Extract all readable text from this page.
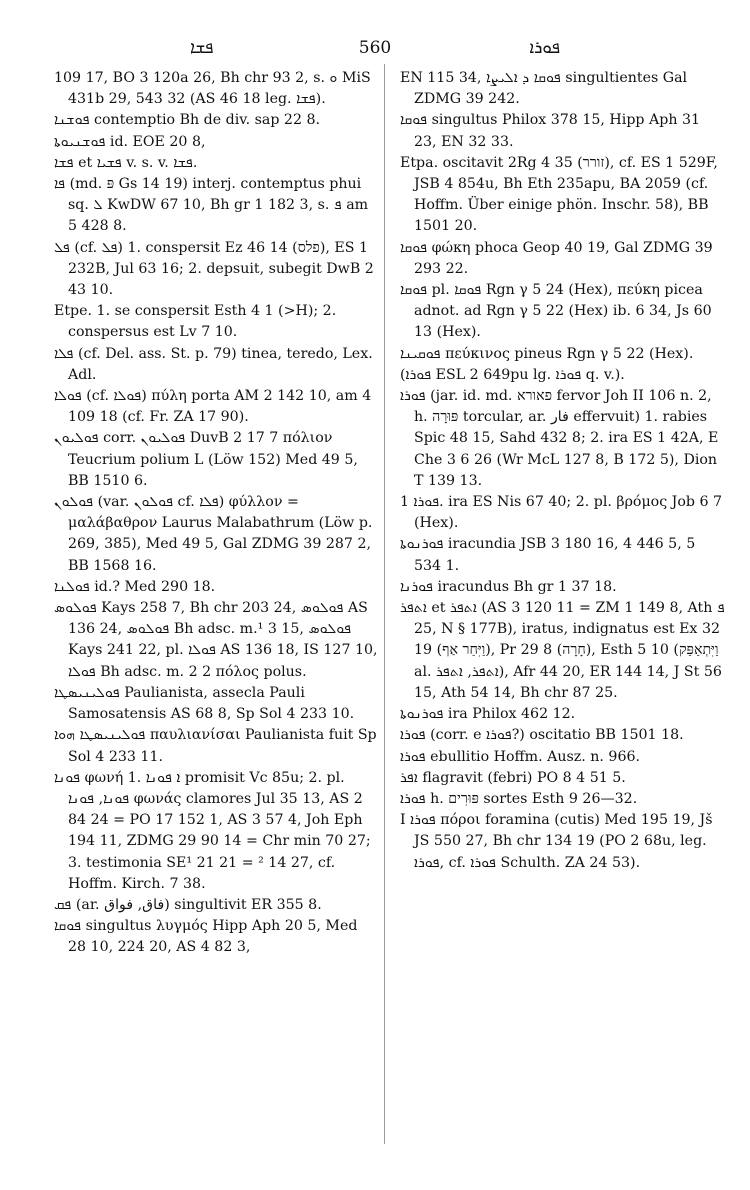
ܦܫܐ	560	ܦܘܪܐ

109 17, BO 3 120a 26, Bh chr 93 2, s. ܘ MiS 431b 29, 543 32 (AS 46 18 leg. ܦܫܐ).

ܦܘܫܢܐ contemptio Bh de div. sap 22 8.

ܦܘܫܢܝܘܬܐ id. EOE 20 8,

ܦܫܐ et ܦܫܝܐ v. s. v. ܦܫܐ.

ܦܐ (md. פּ Gs 14 19) interj. contemptus phui sq. ܠ KwDW 67 10, Bh gr 1 182 3, s. ܦ am 5 428 8.

ܦܠ (cf. ܦܠ) 1. conspersit Ez 46 14 (פלס), ES 1 232B, Jul 63 16; 2. depsuit, subegit DwB 2 43 10.

Etpe. 1. se conspersit Esth 4 1 (>H); 2. conspersus est Lv 7 10.

ܦܠܐ (cf. Del. ass. St. p. 79) tinea, teredo, Lex. Adl.

ܦܘܠܐ (cf. ܦܘܠܐ) πύλη porta AM 2 142 10, am 4 109 18 (cf. Fr. ZA 17 90).

ܦܘܠܝܘܢ corr. ܦܘܠܝܘܢ DuvB 2 17 7 πόλιον Teucrium polium L (Löw 152) Med 49 5, BB 1510 6.

ܦܘܠܘܢ (var. ܦܘܠܘܢ cf. ܦܠܐ) φύλλον = μαλάβαθρον Laurus Malabathrum (Löw p. 269, 385), Med 49 5, Gal ZDMG 39 287 2, BB 1568 16.

ܦܘܠܢܐ id.? Med 290 18.

ܦܘܠܘܣ Kays 258 7, Bh chr 203 24, ܦܘܠܘܣ AS 136 24, ܦܘܠܘܣ Bh adsc. m.¹ 3 15, ܦܘܠܘܣ Kays 241 22, pl. ܦܘܠܐ AS 136 18, IS 127 10, ܦܘܠܐ Bh adsc. m. 2 2 πόλος polus.

ܦܘܠܝܢܝܣܛܐ Paulianista, assecla Pauli Samosatensis AS 68 8, Sp Sol 4 233 10.

ܦܘܠܝܢܝܣܛܐ ܗܘܐ παυλιανίσαι Paulianista fuit Sp Sol 4 233 11.

ܦܘܢܐ φωνή 1. ܐ ܦܘܢܐ promisit Vc 85u; 2. pl. ܦܘܢܐ, ܦܘܢܐ φωνάς clamores Jul 35 13, AS 2 84 24 = PO 17 152 1, AS 3 57 4, Joh Eph 194 11, ZDMG 29 90 14 = Chr min 70 27; 3. testimonia SE¹ 21 21 = ² 14 27, cf. Hoffm. Kirch. 7 38.

ܦܩ (ar. فاق, فواق) singultivit ER 355 8.

ܦܘܩܐ singultus λυγμός Hipp Aph 20 5, Med 28 10, 224 20, AS 4 82 3,

EN 115 34, ܦܘܩܐ ܕ ܐܠܝܨܐ singultientes Gal ZDMG 39 242.

ܦܘܩܐ singultus Philox 378 15, Hipp Aph 31 23, EN 32 33.

Etpa. oscitavit 2Rg 4 35 (זורר), cf. ES 1 529F, JSB 4 854u, Bh Eth 235apu, BA 2059 (cf. Hoffm. Über einige phön. Inschr. 58), BB 1501 20.

ܦܘܩܐ φώκη phoca Geop 40 19, Gal ZDMG 39 293 22.

ܦܘܩܐ pl. ܦܘܩܐ Rgn γ 5 24 (Hex), πεύκη picea adnot. ad Rgn γ 5 22 (Hex) ib. 6 34, Js 60 13 (Hex).

ܦܘܩܝܢܐ πεύκινος pineus Rgn γ 5 22 (Hex).

(ܦܘܪܐ ESL 2 649pu lg. ܦܘܪܐ q. v.).

ܦܘܪܐ (jar. id. md. פאורא fervor Joh II 106 n. 2, h. פּוּרָה torcular, ar. فار effervuit) 1. rabies Spic 48 15, Sahd 432 8; 2. ira ES 1 42A, E Che 3 6 26 (Wr McL 127 8, B 172 5), Dion T 139 13.

ܦܘܪܐ 1. ira ES Nis 67 40; 2. pl. βρόμος Job 6 7 (Hex).

ܦܘܪܢܘܬܐ iracundia JSB 3 180 16, 4 446 5, 5 534 1.

ܦܘܪܢܐ iracundus Bh gr 1 37 18.

ܐܬܦܪ et ܐܬܦܪ (AS 3 120 11 = ZM 1 149 8, Ath ܦ 25, N § 177B), iratus, indignatus est Ex 32 19 (וַיִּחַר אַף), Pr 29 8 (חָרָה), Esth 5 10 (וַיִּתְאַפַּק al. ܐܬܦܪ, ܐܬܦܪ), Afr 44 20, ER 144 14, J St 56 15, Ath 54 14, Bh chr 87 25.

ܦܘܪܢܘܬܐ ira Philox 462 12.

ܦܘܪܐ (corr. e ܦܘܪܐ?) oscitatio BB 1501 18.

ܦܘܪܐ ebullitio Hoffm. Ausz. n. 966.

ܐܦܪ flagravit (febri) PO 8 4 51 5.

ܦܘܪܐ h. פּוּרִים sortes Esth 9 26—32.

I ܦܘܪܐ πόροι foramina (cutis) Med 195 19, Jš JS 550 27, Bh chr 134 19 (PO 2 68u, leg. ܦܘܪܐ, cf. ܦܘܪܐ Schulth. ZA 24 53).
